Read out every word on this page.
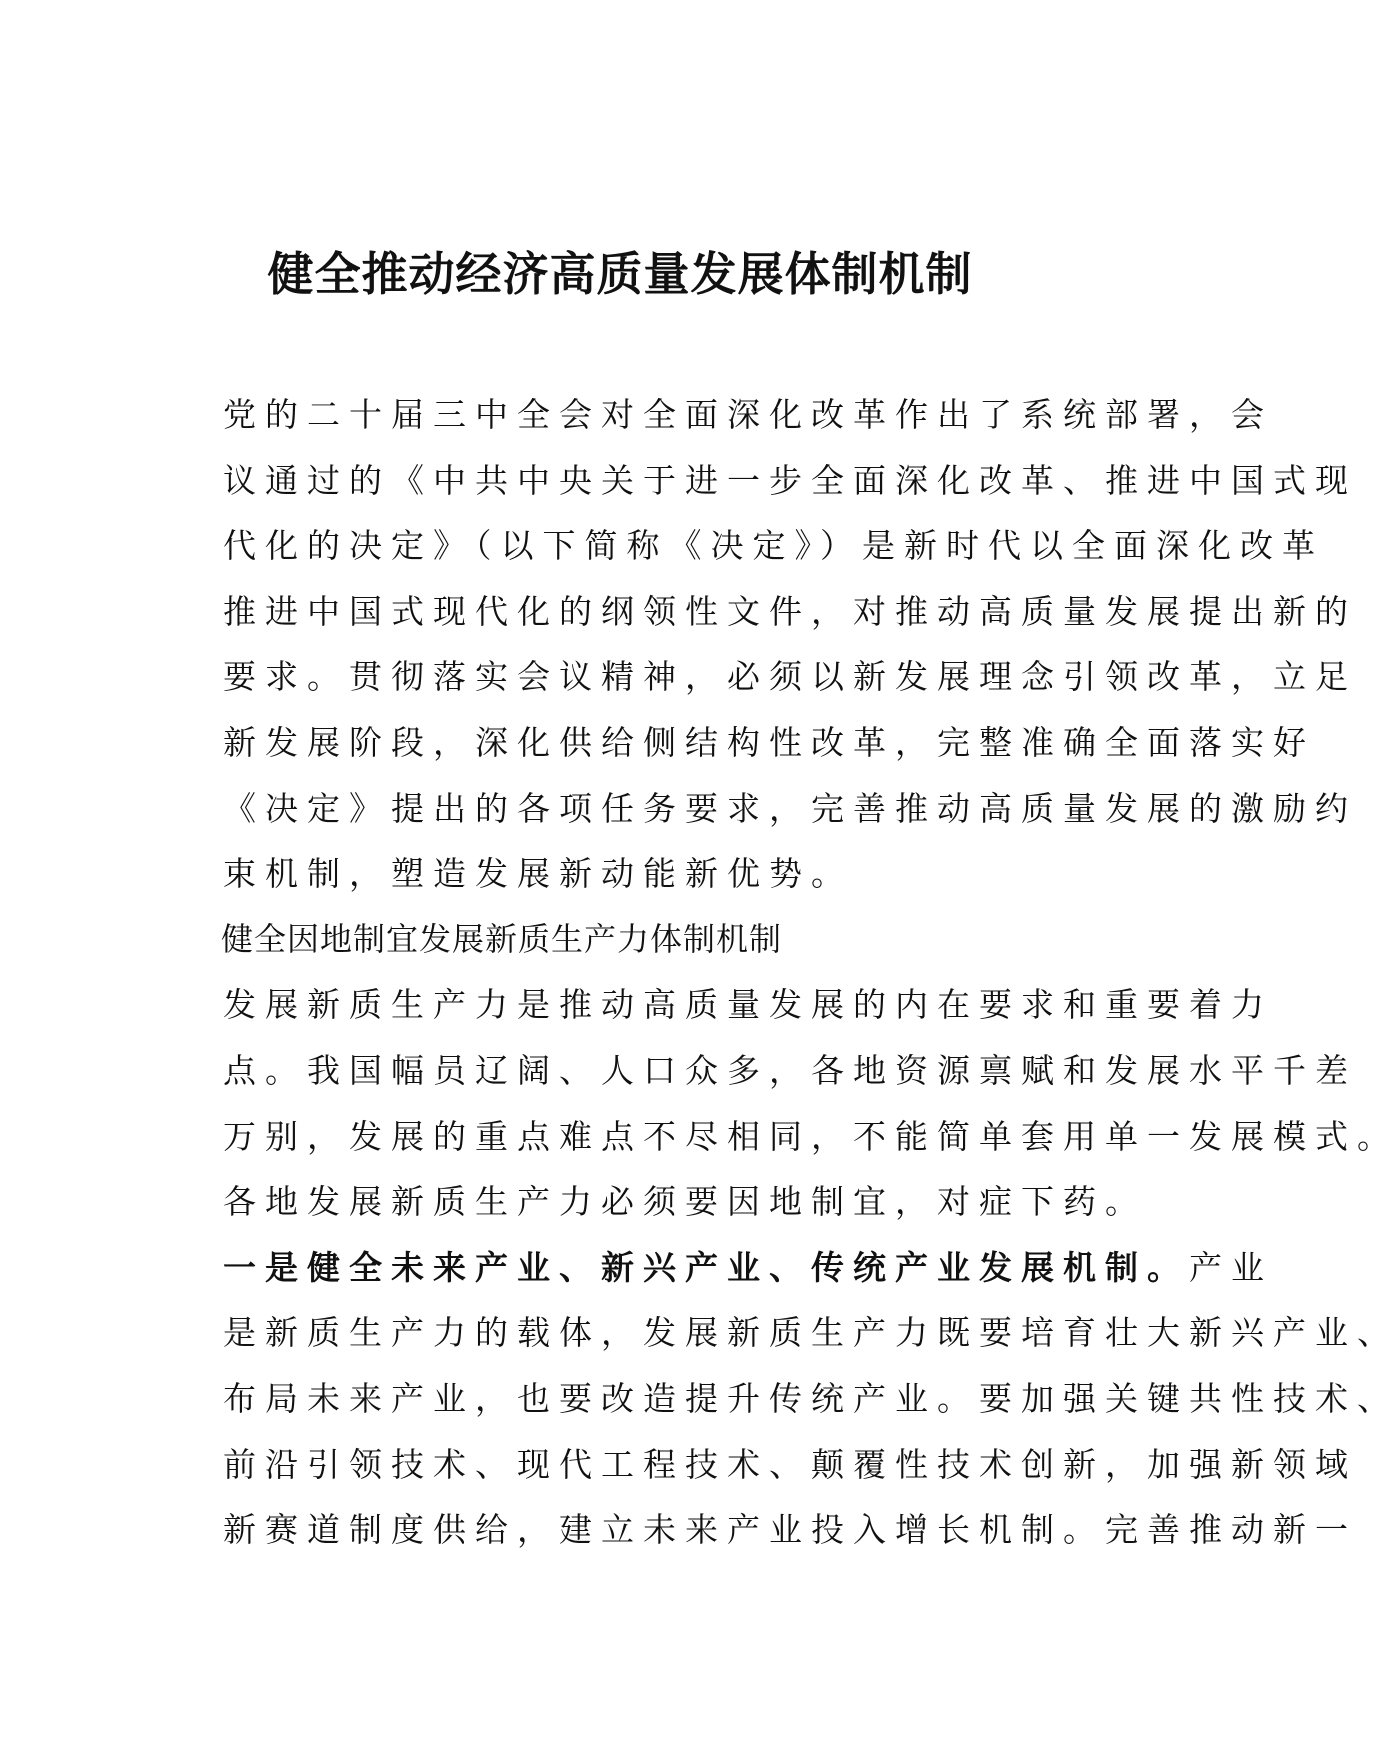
健全推动经济高质量发展体制机制

党的二十届三中全会对全面深化改革作出了系统部署，会
议通过的《中共中央关于进一步全面深化改革、推进中国式现
代化的决定》（以下简称《决定》）是新时代以全面深化改革
推进中国式现代化的纲领性文件，对推动高质量发展提出新的
要求。贯彻落实会议精神，必须以新发展理念引领改革，立足
新发展阶段，深化供给侧结构性改革，完整准确全面落实好
《决定》提出的各项任务要求，完善推动高质量发展的激励约
束机制，塑造发展新动能新优势。

健全因地制宜发展新质生产力体制机制

发展新质生产力是推动高质量发展的内在要求和重要着力
点。我国幅员辽阔、人口众多，各地资源禀赋和发展水平千差
万别，发展的重点难点不尽相同，不能简单套用单一发展模式。
各地发展新质生产力必须要因地制宜，对症下药。

一是健全未来产业、新兴产业、传统产业发展机制。产业
是新质生产力的载体，发展新质生产力既要培育壮大新兴产业、
布局未来产业，也要改造提升传统产业。要加强关键共性技术、
前沿引领技术、现代工程技术、颠覆性技术创新，加强新领域
新赛道制度供给，建立未来产业投入增长机制。完善推动新一
